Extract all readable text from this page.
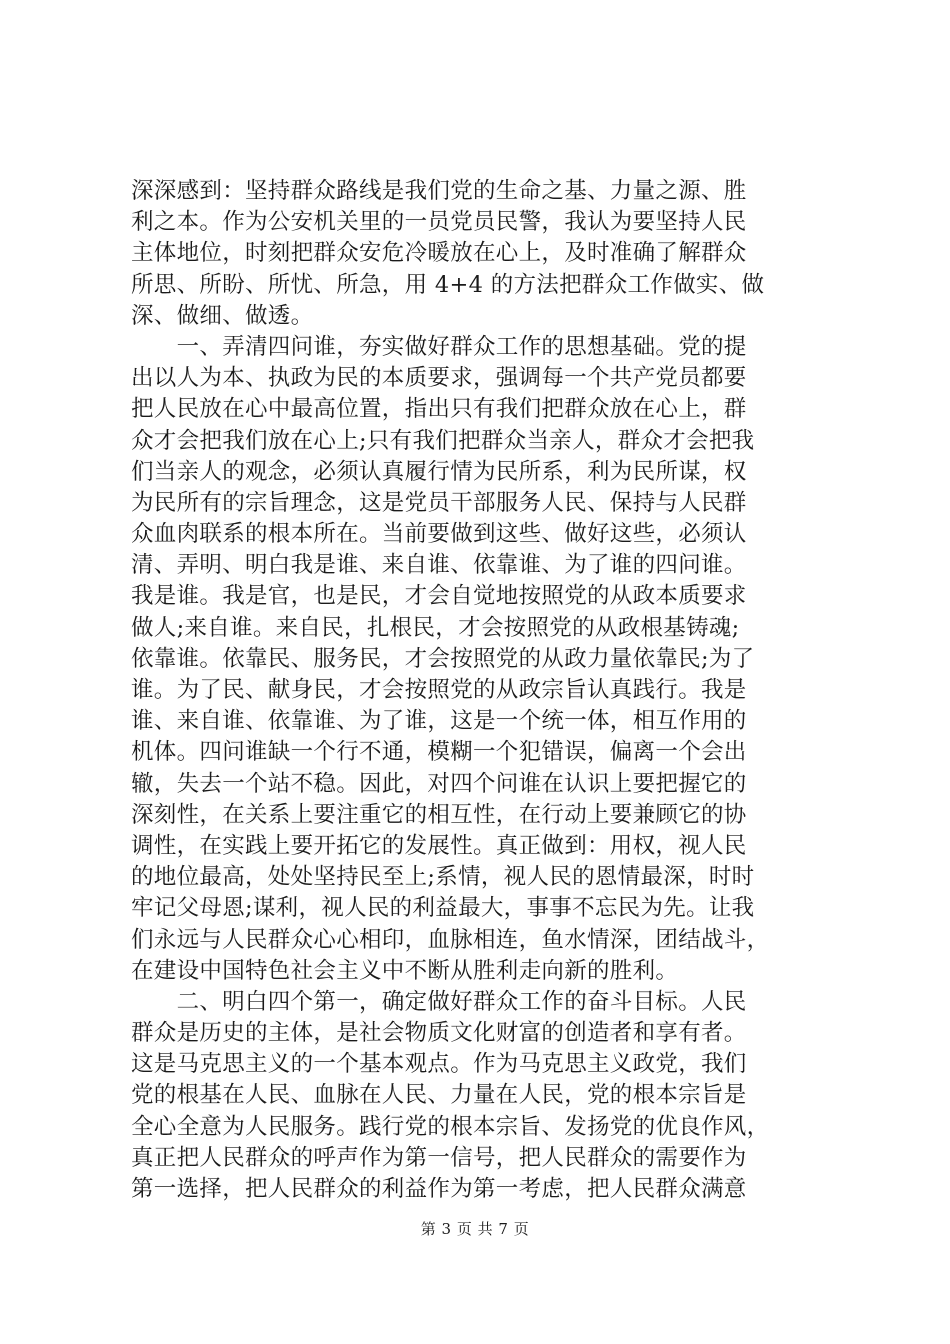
深深感到：坚持群众路线是我们党的生命之基、力量之源、胜
利之本。作为公安机关里的一员党员民警，我认为要坚持人民
主体地位，时刻把群众安危冷暖放在心上，及时准确了解群众
所思、所盼、所忧、所急，用 4+4 的方法把群众工作做实、做
深、做细、做透。
　　一、弄清四问谁，夯实做好群众工作的思想基础。党的提
出以人为本、执政为民的本质要求，强调每一个共产党员都要
把人民放在心中最高位置，指出只有我们把群众放在心上，群
众才会把我们放在心上;只有我们把群众当亲人，群众才会把我
们当亲人的观念，必须认真履行情为民所系，利为民所谋，权
为民所有的宗旨理念，这是党员干部服务人民、保持与人民群
众血肉联系的根本所在。当前要做到这些、做好这些，必须认
清、弄明、明白我是谁、来自谁、依靠谁、为了谁的四问谁。
我是谁。我是官，也是民，才会自觉地按照党的从政本质要求
做人;来自谁。来自民，扎根民，才会按照党的从政根基铸魂;
依靠谁。依靠民、服务民，才会按照党的从政力量依靠民;为了
谁。为了民、献身民，才会按照党的从政宗旨认真践行。我是
谁、来自谁、依靠谁、为了谁，这是一个统一体，相互作用的
机体。四问谁缺一个行不通，模糊一个犯错误，偏离一个会出
辙，失去一个站不稳。因此，对四个问谁在认识上要把握它的
深刻性，在关系上要注重它的相互性，在行动上要兼顾它的协
调性，在实践上要开拓它的发展性。真正做到：用权，视人民
的地位最高，处处坚持民至上;系情，视人民的恩情最深，时时
牢记父母恩;谋利，视人民的利益最大，事事不忘民为先。让我
们永远与人民群众心心相印，血脉相连，鱼水情深，团结战斗，
在建设中国特色社会主义中不断从胜利走向新的胜利。
　　二、明白四个第一，确定做好群众工作的奋斗目标。人民
群众是历史的主体，是社会物质文化财富的创造者和享有者。
这是马克思主义的一个基本观点。作为马克思主义政党，我们
党的根基在人民、血脉在人民、力量在人民，党的根本宗旨是
全心全意为人民服务。践行党的根本宗旨、发扬党的优良作风，
真正把人民群众的呼声作为第一信号，把人民群众的需要作为
第一选择，把人民群众的利益作为第一考虑，把人民群众满意
第 3 页 共 7 页
